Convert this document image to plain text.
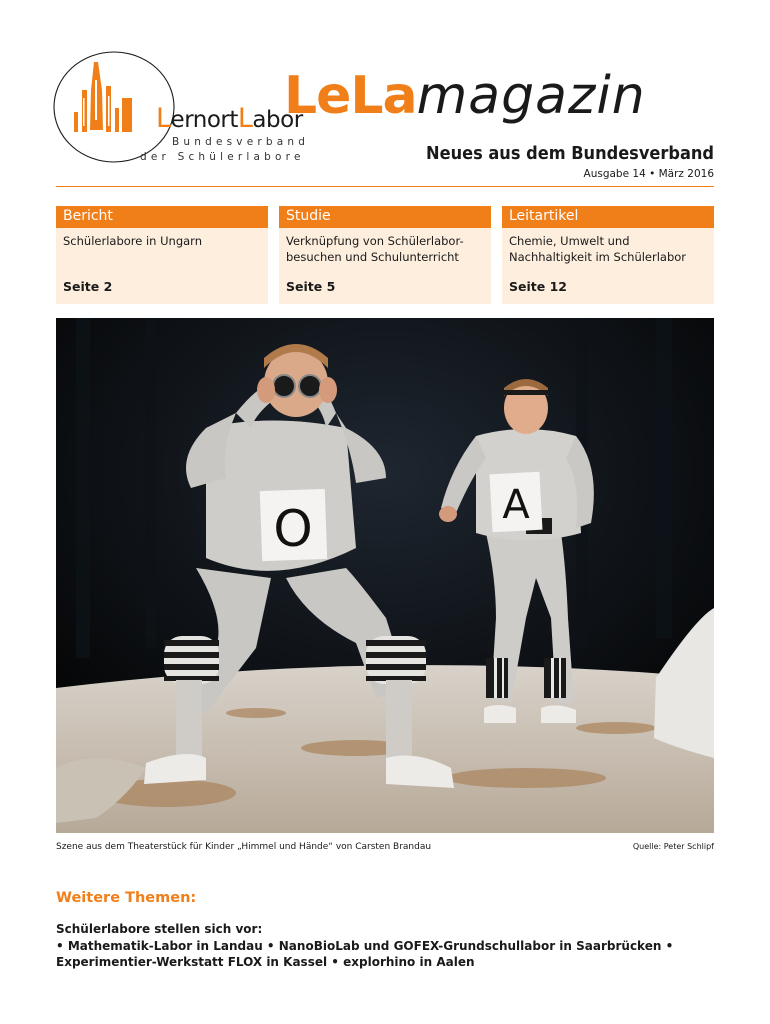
LernortLabor
Bundesverband
der Schülerlabore
LeLamagazin
Neues aus dem Bundesverband
Ausgabe 14 • März 2016
Bericht
Schülerlabore in Ungarn
Seite 2
Studie
Verknüpfung von Schülerlabor-besuchen und Schulunterricht
Seite 5
Leitartikel
Chemie, Umwelt und Nachhaltigkeit im Schülerlabor
Seite 12
O	A
Szene aus dem Theaterstück für Kinder „Himmel und Hände“ von Carsten Brandau	Quelle: Peter Schlipf
Weitere Themen:
Schülerlabore stellen sich vor:
• Mathematik-Labor in Landau • NanoBioLab und GOFEX-Grundschullabor in Saarbrücken • Experimentier-Werkstatt FLOX in Kassel • explorhino in Aalen
